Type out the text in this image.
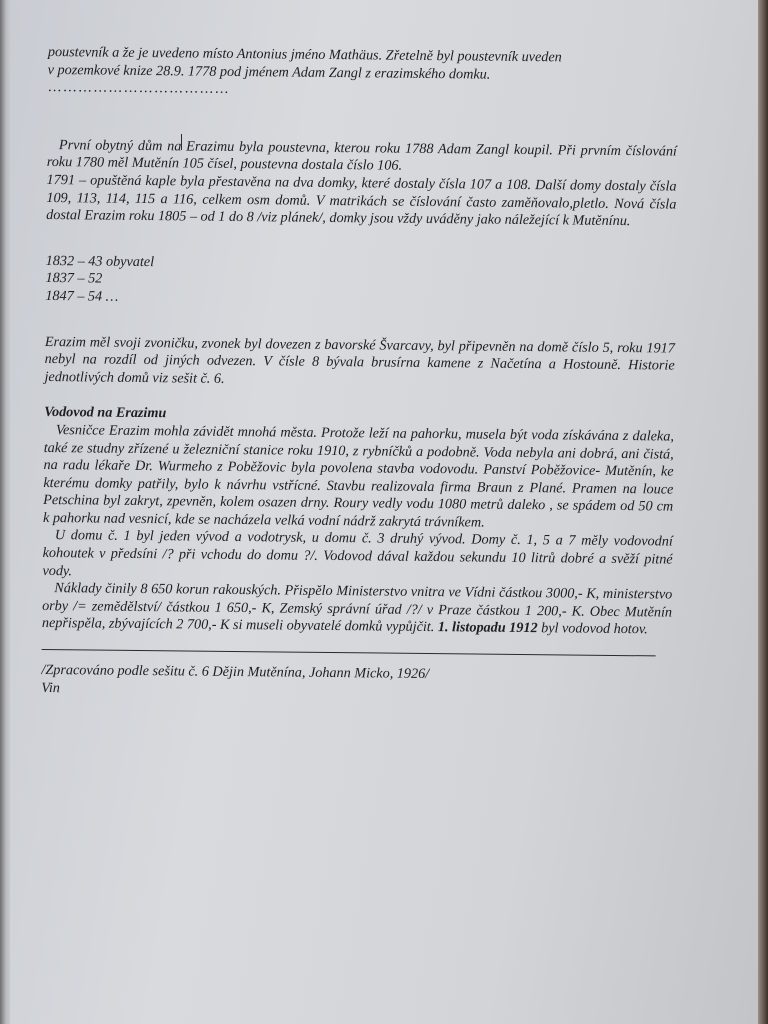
poustevník a že je uvedeno místo Antonius jméno Mathäus. Zřetelně byl poustevník uveden

v pozemkové knize 28.9. 1778 pod jménem Adam Zangl z erazimského domku.

………………………………

První obytný dům na Erazimu byla poustevna, kterou roku 1788 Adam Zangl koupil. Při prvním číslování roku 1780 měl Mutěnín 105 čísel, poustevna dostala číslo 106.

1791 – opuštěná kaple byla přestavěna na dva domky, které dostaly čísla 107 a 108. Další domy dostaly čísla 109, 113, 114, 115 a 116, celkem osm domů. V matrikách se číslování často zaměňovalo,pletlo. Nová čísla dostal Erazim roku 1805 – od 1 do 8 /viz plánek/, domky jsou vždy uváděny jako náležející k Mutěnínu.

1832 – 43 obyvatel

1837 – 52

1847 – 54 …

Erazim měl svoji zvoničku, zvonek byl dovezen z bavorské Švarcavy, byl připevněn na domě číslo 5, roku 1917 nebyl na rozdíl od jiných odvezen. V čísle 8 bývala brusírna kamene z Načetína a Hostouně. Historie jednotlivých domů viz sešit č. 6.

Vodovod na Erazimu

Vesničce Erazim mohla závidět mnohá města. Protože leží na pahorku, musela být voda získávána z daleka, také ze studny zřízené u železniční stanice roku 1910, z rybníčků a podobně. Voda nebyla ani dobrá, ani čistá, na radu lékaře Dr. Wurmeho z Poběžovic byla povolena stavba vodovodu. Panství Poběžovice- Mutěnín, ke kterému domky patřily, bylo k návrhu vstřícné. Stavbu realizovala firma Braun z Plané. Pramen na louce Petschina byl zakryt, zpevněn, kolem osazen drny. Roury vedly vodu 1080 metrů daleko , se spádem od 50 cm k pahorku nad vesnicí, kde se nacházela velká vodní nádrž zakrytá trávníkem.

U domu č. 1 byl jeden vývod a vodotrysk, u domu č. 3 druhý vývod. Domy č. 1, 5 a 7 měly vodovodní kohoutek v předsíni /? při vchodu do domu ?/. Vodovod dával každou sekundu 10 litrů dobré a svěží pitné vody.

Náklady činily 8 650 korun rakouských. Přispělo Ministerstvo vnitra ve Vídni částkou 3000,- K, ministerstvo orby /= zemědělství/ částkou 1 650,- K, Zemský správní úřad /?/ v Praze částkou 1 200,- K. Obec Mutěnín nepřispěla, zbývajících 2 700,- K si museli obyvatelé domků vypůjčit. 1. listopadu 1912 byl vodovod hotov.

/Zpracováno podle sešitu č. 6 Dějin Mutěnína, Johann Micko, 1926/

Vin
